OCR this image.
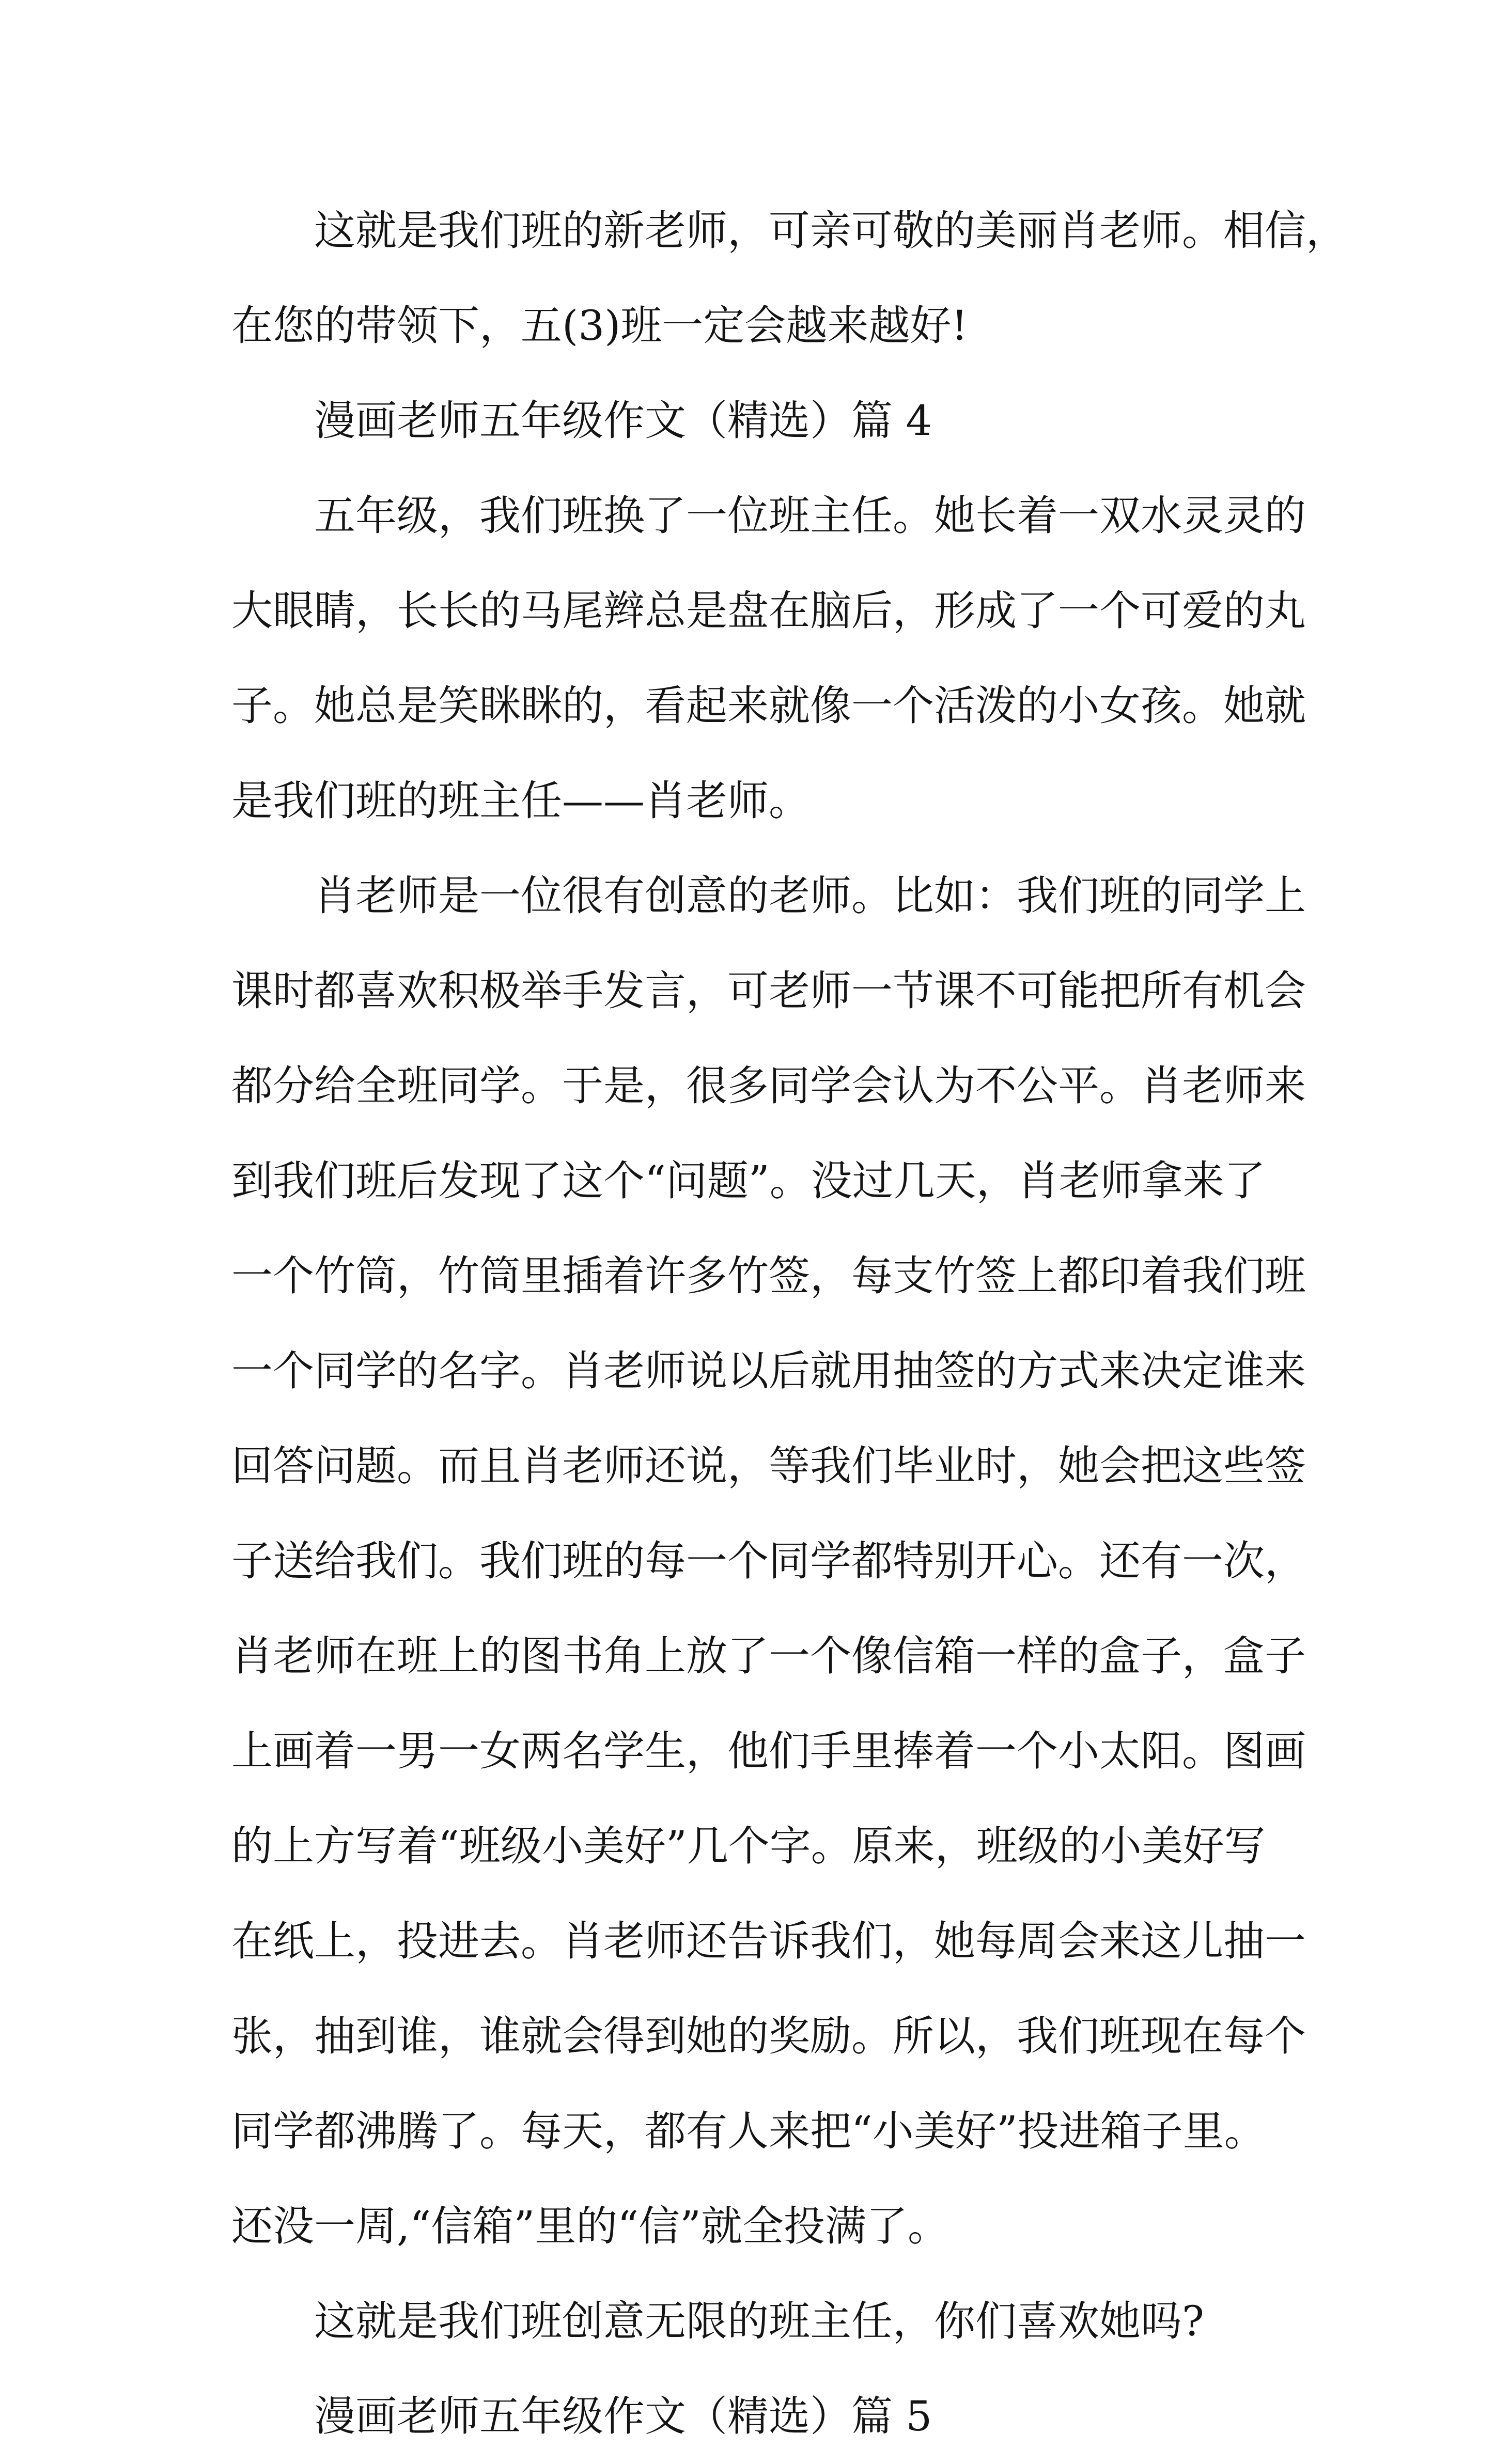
这就是我们班的新老师，可亲可敬的美丽肖老师。相信，
在您的带领下，五(3)班一定会越来越好!
漫画老师五年级作文（精选）篇 4
五年级，我们班换了一位班主任。她长着一双水灵灵的
大眼睛，长长的马尾辫总是盘在脑后，形成了一个可爱的丸
子。她总是笑眯眯的，看起来就像一个活泼的小女孩。她就
是我们班的班主任——肖老师。
肖老师是一位很有创意的老师。比如：我们班的同学上
课时都喜欢积极举手发言，可老师一节课不可能把所有机会
都分给全班同学。于是，很多同学会认为不公平。肖老师来
到我们班后发现了这个“问题”。没过几天，肖老师拿来了
一个竹筒，竹筒里插着许多竹签，每支竹签上都印着我们班
一个同学的名字。肖老师说以后就用抽签的方式来决定谁来
回答问题。而且肖老师还说，等我们毕业时，她会把这些签
子送给我们。我们班的每一个同学都特别开心。还有一次，
肖老师在班上的图书角上放了一个像信箱一样的盒子，盒子
上画着一男一女两名学生，他们手里捧着一个小太阳。图画
的上方写着“班级小美好”几个字。原来，班级的小美好写
在纸上，投进去。肖老师还告诉我们，她每周会来这儿抽一
张，抽到谁，谁就会得到她的奖励。所以，我们班现在每个
同学都沸腾了。每天，都有人来把“小美好”投进箱子里。
还没一周,“信箱”里的“信”就全投满了。
这就是我们班创意无限的班主任，你们喜欢她吗?
漫画老师五年级作文（精选）篇 5
